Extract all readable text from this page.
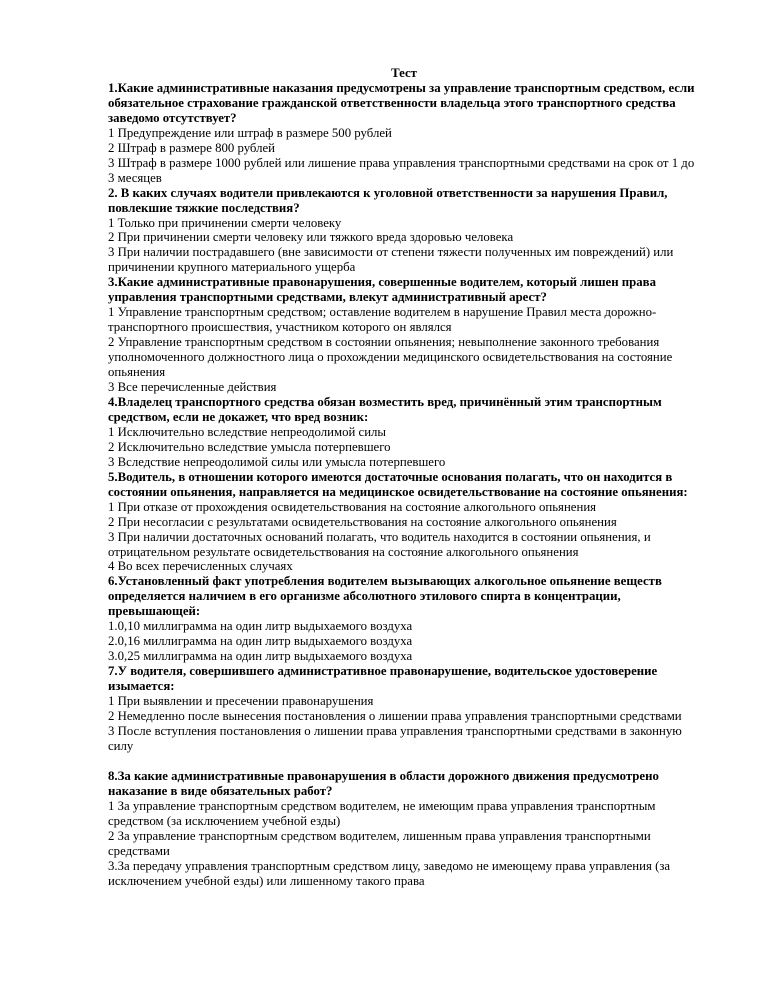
Тест

1.Какие административные наказания предусмотрены за управление транспортным средством, если обязательное страхование гражданской ответственности владельца этого транспортного средства заведомо отсутствует?

1 Предупреждение или штраф в размере 500 рублей

2 Штраф в размере 800 рублей

3 Штраф в размере 1000 рублей или лишение права управления транспортными средствами на срок от 1 до 3 месяцев

2. В каких случаях водители привлекаются к уголовной ответственности за нарушения Правил, повлекшие тяжкие последствия?

1 Только при причинении смерти человеку

2 При причинении смерти человеку или тяжкого вреда здоровью человека

3 При наличии пострадавшего (вне зависимости от степени тяжести полученных им повреждений) или причинении крупного материального ущерба

3.Какие административные правонарушения, совершенные водителем, который лишен права управления транспортными средствами, влекут административный арест?

1 Управление транспортным средством; оставление водителем в нарушение Правил места дорожно-транспортного происшествия, участником которого он являлся

2 Управление транспортным средством в состоянии опьянения; невыполнение законного требования уполномоченного должностного лица о прохождении медицинского освидетельствования на состояние опьянения

3 Все перечисленные действия

4.Владелец транспортного средства обязан возместить вред, причинённый этим транспортным средством, если не докажет, что вред возник:

1 Исключительно вследствие непреодолимой силы

2 Исключительно вследствие умысла потерпевшего

3 Вследствие непреодолимой силы или умысла потерпевшего

5.Водитель, в отношении которого имеются достаточные основания полагать, что он находится в состоянии опьянения, направляется на медицинское освидетельствование на состояние опьянения:

1 При отказе от прохождения освидетельствования на состояние алкогольного опьянения

2 При несогласии с результатами освидетельствования на состояние алкогольного опьянения

3 При наличии достаточных оснований полагать, что водитель находится в состоянии опьянения, и отрицательном результате освидетельствования на состояние алкогольного опьянения

4 Во всех перечисленных случаях

6.Установленный факт употребления водителем вызывающих алкогольное опьянение веществ определяется наличием в его организме абсолютного этилового спирта в концентрации, превышающей:

1.0,10 миллиграмма на один литр выдыхаемого воздуха

2.0,16 миллиграмма на один литр выдыхаемого воздуха

3.0,25 миллиграмма на один литр выдыхаемого воздуха

7.У водителя, совершившего административное правонарушение, водительское удостоверение изымается:

1 При выявлении и пресечении правонарушения

2 Немедленно после вынесения постановления о лишении права управления транспортными средствами

3 После вступления постановления о лишении права управления транспортными средствами в законную силу

8.За какие административные правонарушения в области дорожного движения предусмотрено наказание в виде обязательных работ?

1 За управление транспортным средством водителем, не имеющим права управления транспортным средством (за исключением учебной езды)

2 За управление транспортным средством водителем, лишенным права управления транспортными средствами

3.За передачу управления транспортным средством лицу, заведомо не имеющему права управления (за исключением учебной езды) или лишенному такого права
